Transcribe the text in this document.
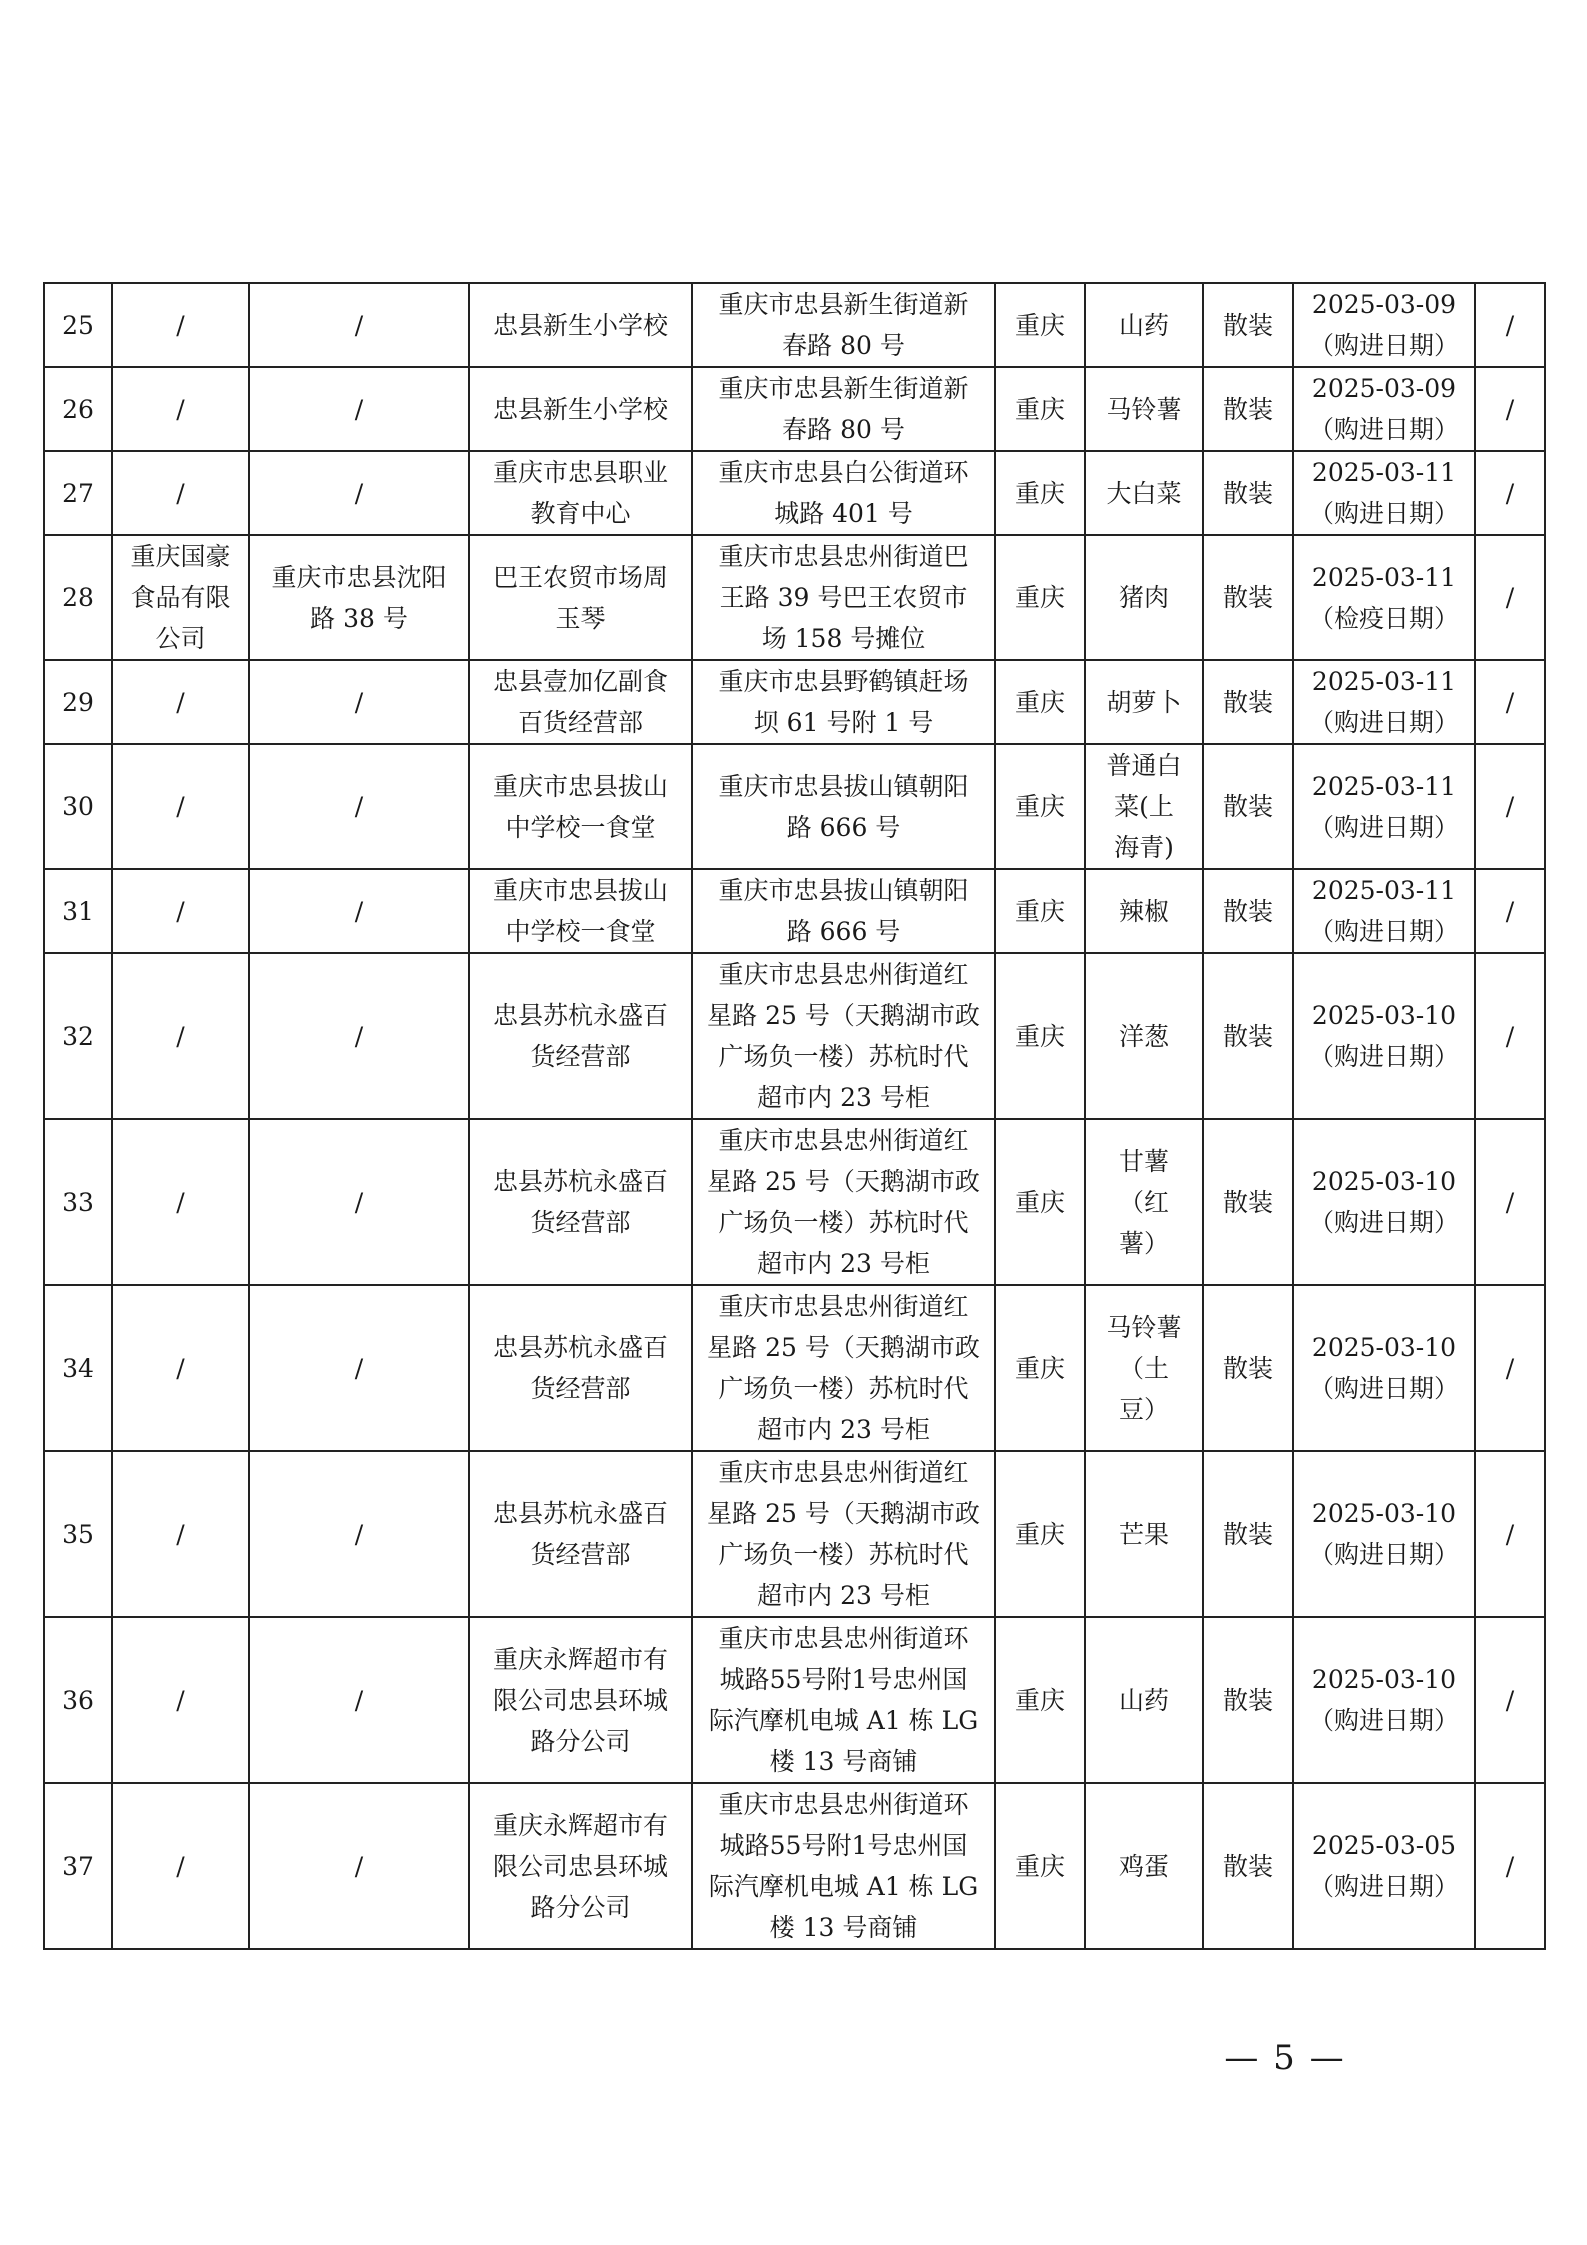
25	/	/	忠县新生小学校	重庆市忠县新生街道新
春路 80 号	重庆	山药	散装	2025-03-09
（购进日期）	/
26	/	/	忠县新生小学校	重庆市忠县新生街道新
春路 80 号	重庆	马铃薯	散装	2025-03-09
（购进日期）	/
27	/	/	重庆市忠县职业
教育中心	重庆市忠县白公街道环
城路 401 号	重庆	大白菜	散装	2025-03-11
（购进日期）	/
28	重庆国豪
食品有限
公司	重庆市忠县沈阳
路 38 号	巴王农贸市场周
玉琴	重庆市忠县忠州街道巴
王路 39 号巴王农贸市
场 158 号摊位	重庆	猪肉	散装	2025-03-11
（检疫日期）	/
29	/	/	忠县壹加亿副食
百货经营部	重庆市忠县野鹤镇赶场
坝 61 号附 1 号	重庆	胡萝卜	散装	2025-03-11
（购进日期）	/
30	/	/	重庆市忠县拔山
中学校一食堂	重庆市忠县拔山镇朝阳
路 666 号	重庆	普通白
菜(上
海青)	散装	2025-03-11
（购进日期）	/
31	/	/	重庆市忠县拔山
中学校一食堂	重庆市忠县拔山镇朝阳
路 666 号	重庆	辣椒	散装	2025-03-11
（购进日期）	/
32	/	/	忠县苏杭永盛百
货经营部	重庆市忠县忠州街道红
星路 25 号（天鹅湖市政
广场负一楼）苏杭时代
超市内 23 号柜	重庆	洋葱	散装	2025-03-10
（购进日期）	/
33	/	/	忠县苏杭永盛百
货经营部	重庆市忠县忠州街道红
星路 25 号（天鹅湖市政
广场负一楼）苏杭时代
超市内 23 号柜	重庆	甘薯
（红
薯）	散装	2025-03-10
（购进日期）	/
34	/	/	忠县苏杭永盛百
货经营部	重庆市忠县忠州街道红
星路 25 号（天鹅湖市政
广场负一楼）苏杭时代
超市内 23 号柜	重庆	马铃薯
（土
豆）	散装	2025-03-10
（购进日期）	/
35	/	/	忠县苏杭永盛百
货经营部	重庆市忠县忠州街道红
星路 25 号（天鹅湖市政
广场负一楼）苏杭时代
超市内 23 号柜	重庆	芒果	散装	2025-03-10
（购进日期）	/
36	/	/	重庆永辉超市有
限公司忠县环城
路分公司	重庆市忠县忠州街道环
城路55号附1号忠州国
际汽摩机电城 A1 栋 LG
楼 13 号商铺	重庆	山药	散装	2025-03-10
（购进日期）	/
37	/	/	重庆永辉超市有
限公司忠县环城
路分公司	重庆市忠县忠州街道环
城路55号附1号忠州国
际汽摩机电城 A1 栋 LG
楼 13 号商铺	重庆	鸡蛋	散装	2025-03-05
（购进日期）	/
— 5 —
